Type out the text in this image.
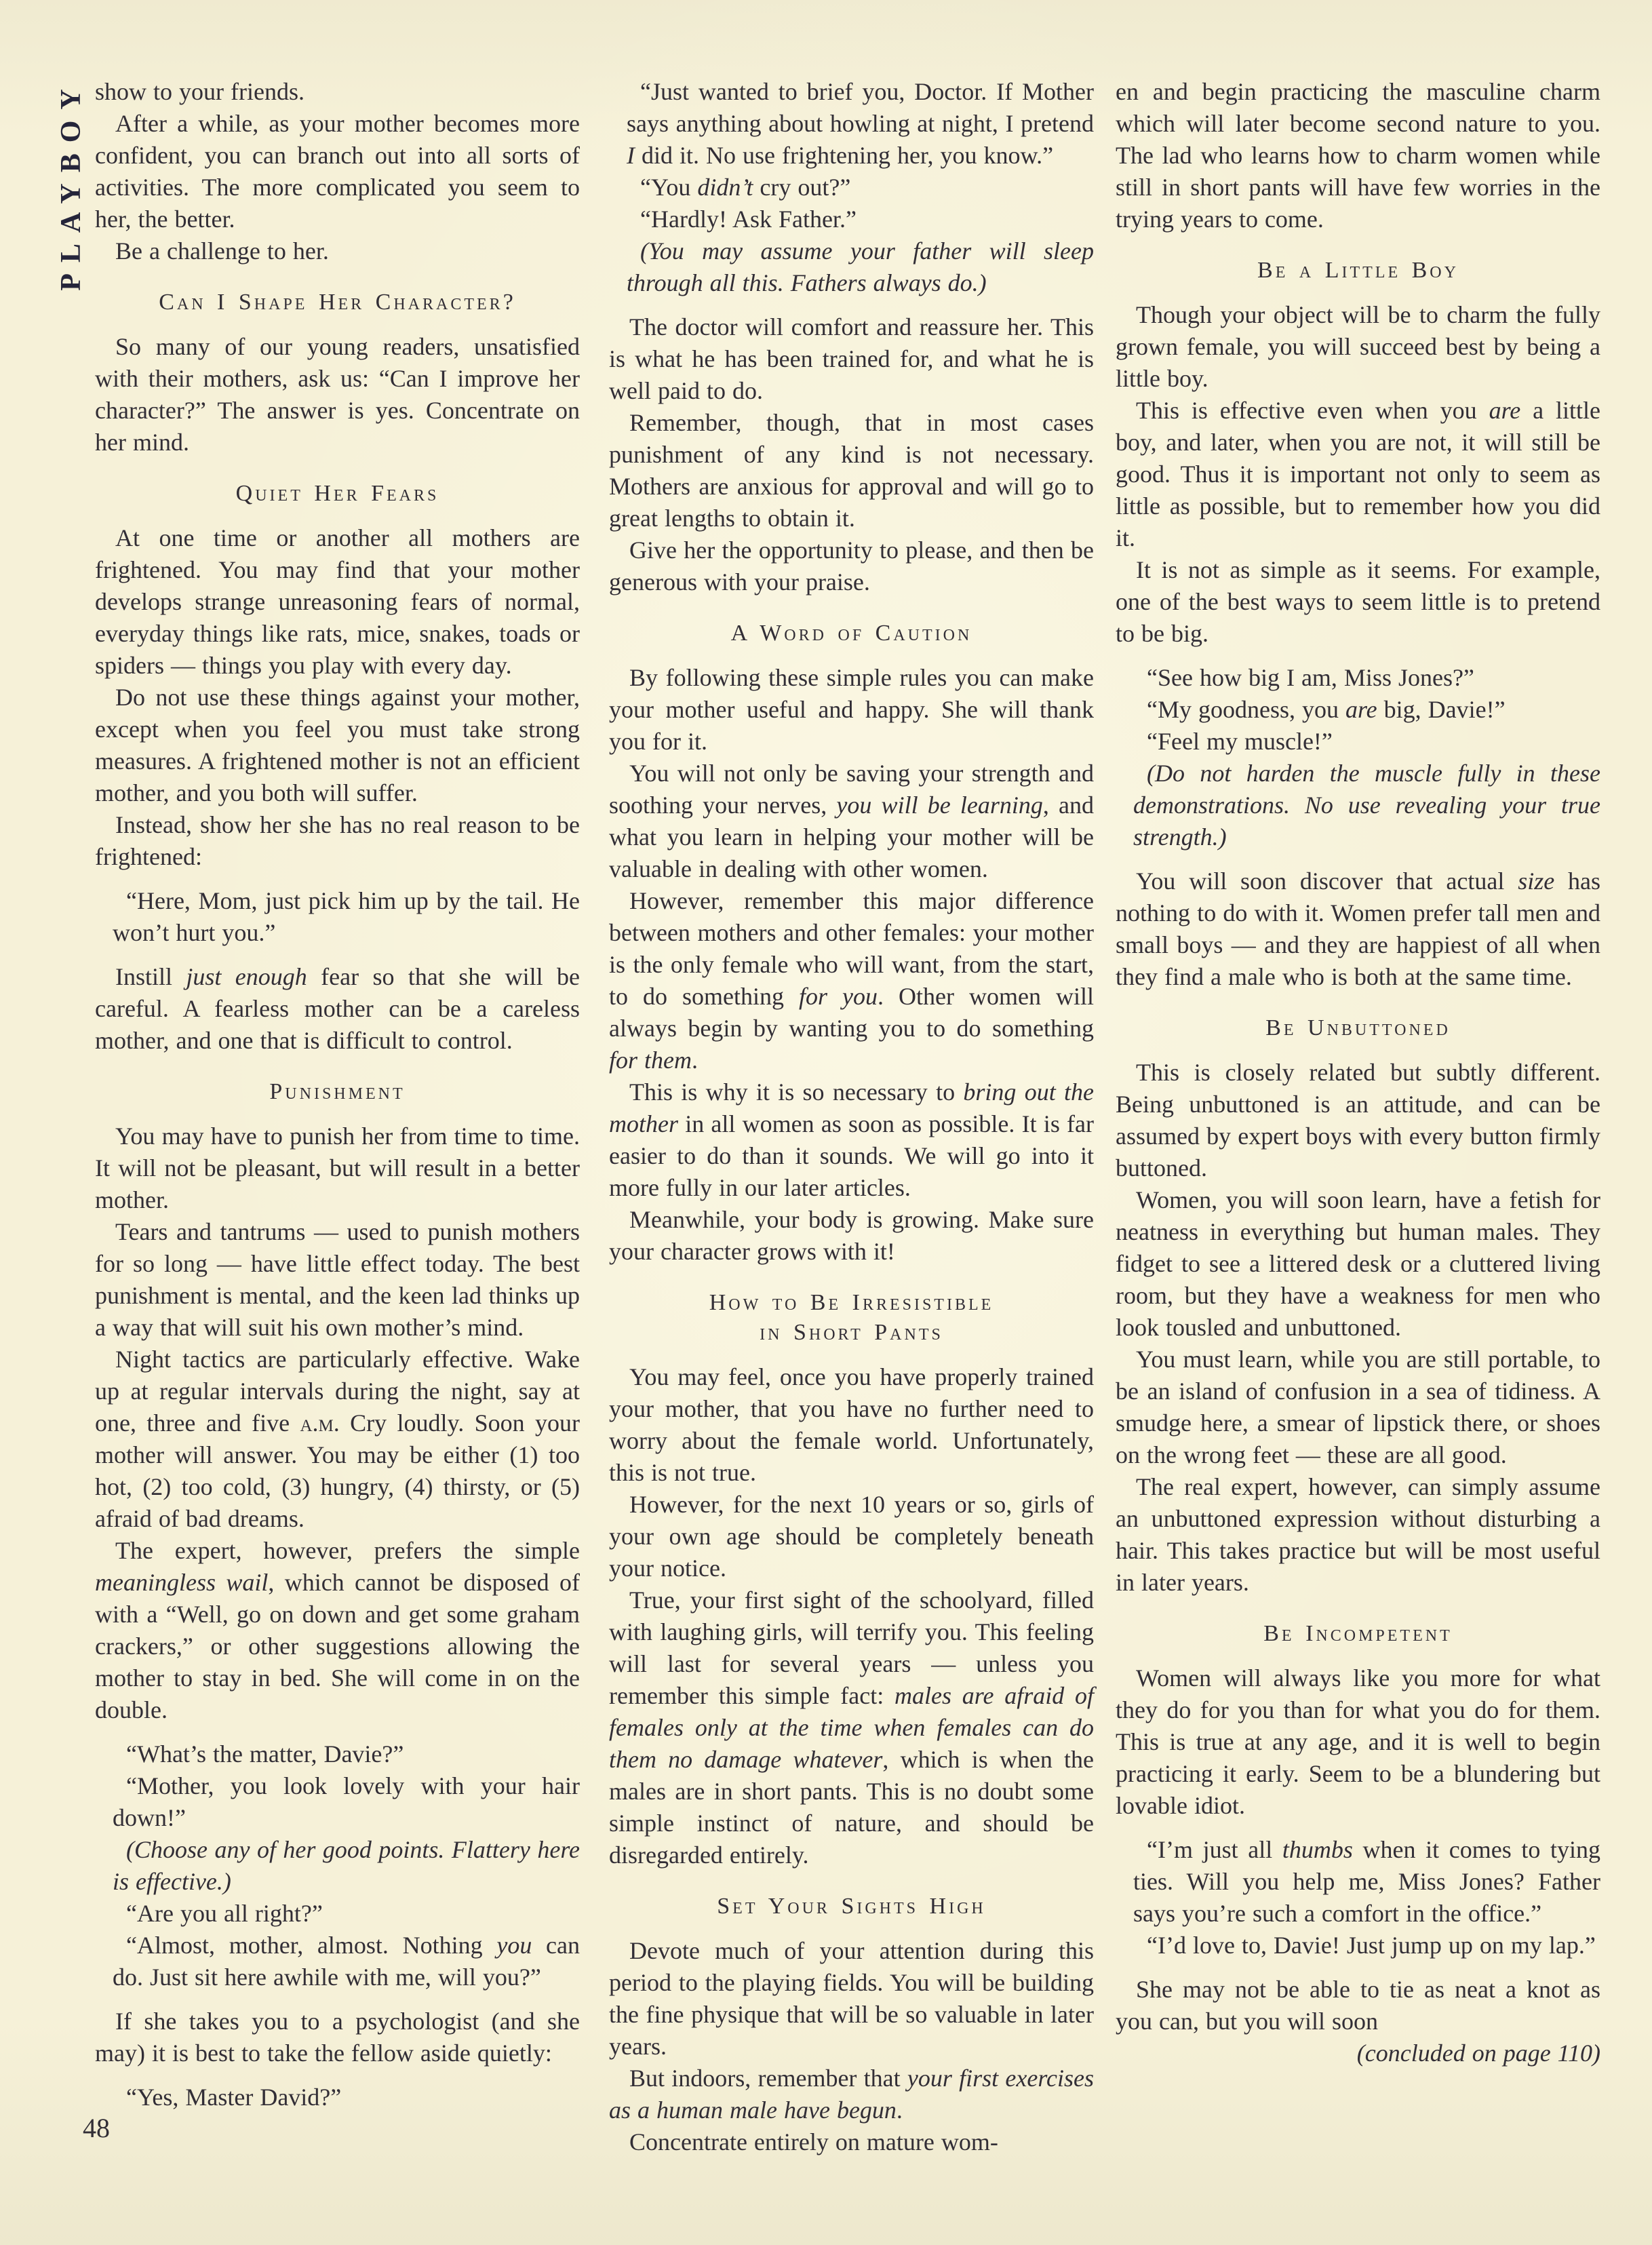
PLAYBOY show to your friends.

After a while, as your mother becomes more confident, you can branch out into all sorts of activities. The more complicated you seem to her, the better.

Be a challenge to her.

Can I Shape Her Character?

So many of our young readers, unsatisfied with their mothers, ask us: “Can I improve her character?” The answer is yes. Concentrate on her mind.

Quiet Her Fears

At one time or another all mothers are frightened. You may find that your mother develops strange unreasoning fears of normal, everyday things like rats, mice, snakes, toads or spiders — things you play with every day.

Do not use these things against your mother, except when you feel you must take strong measures. A frightened mother is not an efficient mother, and you both will suffer.

Instead, show her she has no real reason to be frightened:

“Here, Mom, just pick him up by the tail. He won’t hurt you.”

Instill just enough fear so that she will be careful. A fearless mother can be a careless mother, and one that is difficult to control.

Punishment

You may have to punish her from time to time. It will not be pleasant, but will result in a better mother.

Tears and tantrums — used to punish mothers for so long — have little effect today. The best punishment is mental, and the keen lad thinks up a way that will suit his own mother’s mind.

Night tactics are particularly effective. Wake up at regular intervals during the night, say at one, three and five a.m. Cry loudly. Soon your mother will answer. You may be either (1) too hot, (2) too cold, (3) hungry, (4) thirsty, or (5) afraid of bad dreams.

The expert, however, prefers the simple meaningless wail, which cannot be disposed of with a “Well, go on down and get some graham crackers,” or other suggestions allowing the mother to stay in bed. She will come in on the double.

“What’s the matter, Davie?”

“Mother, you look lovely with your hair down!”

(Choose any of her good points. Flattery here is effective.)

“Are you all right?”

“Almost, mother, almost. Nothing you can do. Just sit here awhile with me, will you?”

If she takes you to a psychologist (and she may) it is best to take the fellow aside quietly:

“Yes, Master David?”

“Just wanted to brief you, Doctor. If Mother says anything about howling at night, I pretend I did it. No use frightening her, you know.”

“You didn’t cry out?”

“Hardly! Ask Father.”

(You may assume your father will sleep through all this. Fathers always do.)

The doctor will comfort and reassure her. This is what he has been trained for, and what he is well paid to do.

Remember, though, that in most cases punishment of any kind is not necessary. Mothers are anxious for approval and will go to great lengths to obtain it.

Give her the opportunity to please, and then be generous with your praise.

A Word of Caution

By following these simple rules you can make your mother useful and happy. She will thank you for it.

You will not only be saving your strength and soothing your nerves, you will be learning, and what you learn in helping your mother will be valuable in dealing with other women.

However, remember this major difference between mothers and other females: your mother is the only female who will want, from the start, to do something for you. Other women will always begin by wanting you to do something for them.

This is why it is so necessary to bring out the mother in all women as soon as possible. It is far easier to do than it sounds. We will go into it more fully in our later articles.

Meanwhile, your body is growing. Make sure your character grows with it!

How to Be Irresistible
in Short Pants

You may feel, once you have properly trained your mother, that you have no further need to worry about the female world. Unfortunately, this is not true.

However, for the next 10 years or so, girls of your own age should be completely beneath your notice.

True, your first sight of the schoolyard, filled with laughing girls, will terrify you. This feeling will last for several years — unless you remember this simple fact: males are afraid of females only at the time when females can do them no damage whatever, which is when the males are in short pants. This is no doubt some simple instinct of nature, and should be disregarded entirely.

Set Your Sights High

Devote much of your attention during this period to the playing fields. You will be building the fine physique that will be so valuable in later years.

But indoors, remember that your first exercises as a human male have begun.

Concentrate entirely on mature wom-

en and begin practicing the masculine charm which will later become second nature to you. The lad who learns how to charm women while still in short pants will have few worries in the trying years to come.

Be a Little Boy

Though your object will be to charm the fully grown female, you will succeed best by being a little boy.

This is effective even when you are a little boy, and later, when you are not, it will still be good. Thus it is important not only to seem as little as possible, but to remember how you did it.

It is not as simple as it seems. For example, one of the best ways to seem little is to pretend to be big.

“See how big I am, Miss Jones?”

“My goodness, you are big, Davie!”

“Feel my muscle!”

(Do not harden the muscle fully in these demonstrations. No use revealing your true strength.)

You will soon discover that actual size has nothing to do with it. Women prefer tall men and small boys — and they are happiest of all when they find a male who is both at the same time.

Be Unbuttoned

This is closely related but subtly different. Being unbuttoned is an attitude, and can be assumed by expert boys with every button firmly buttoned.

Women, you will soon learn, have a fetish for neatness in everything but human males. They fidget to see a littered desk or a cluttered living room, but they have a weakness for men who look tousled and unbuttoned.

You must learn, while you are still portable, to be an island of confusion in a sea of tidiness. A smudge here, a smear of lipstick there, or shoes on the wrong feet — these are all good.

The real expert, however, can simply assume an unbuttoned expression without disturbing a hair. This takes practice but will be most useful in later years.

Be Incompetent

Women will always like you more for what they do for you than for what you do for them. This is true at any age, and it is well to begin practicing it early. Seem to be a blundering but lovable idiot.

“I’m just all thumbs when it comes to tying ties. Will you help me, Miss Jones? Father says you’re such a comfort in the office.”

“I’d love to, Davie! Just jump up on my lap.”

She may not be able to tie as neat a knot as you can, but you will soon

(concluded on page 110)

48
